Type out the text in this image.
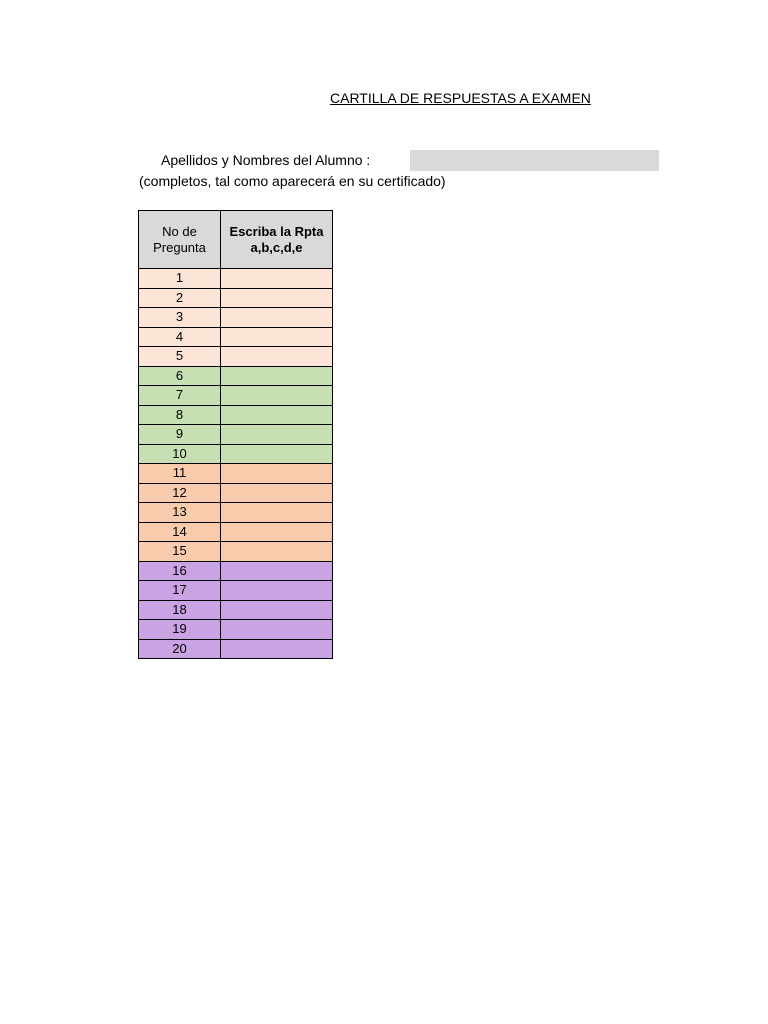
CARTILLA DE RESPUESTAS A EXAMEN
Apellidos y Nombres del Alumno :
(completos, tal como aparecerá en su certificado)
No de
Pregunta	Escriba la Rpta
a,b,c,d,e
1	
2	
3	
4	
5	
6	
7	
8	
9	
10	
11	
12	
13	
14	
15	
16	
17	
18	
19	
20	
